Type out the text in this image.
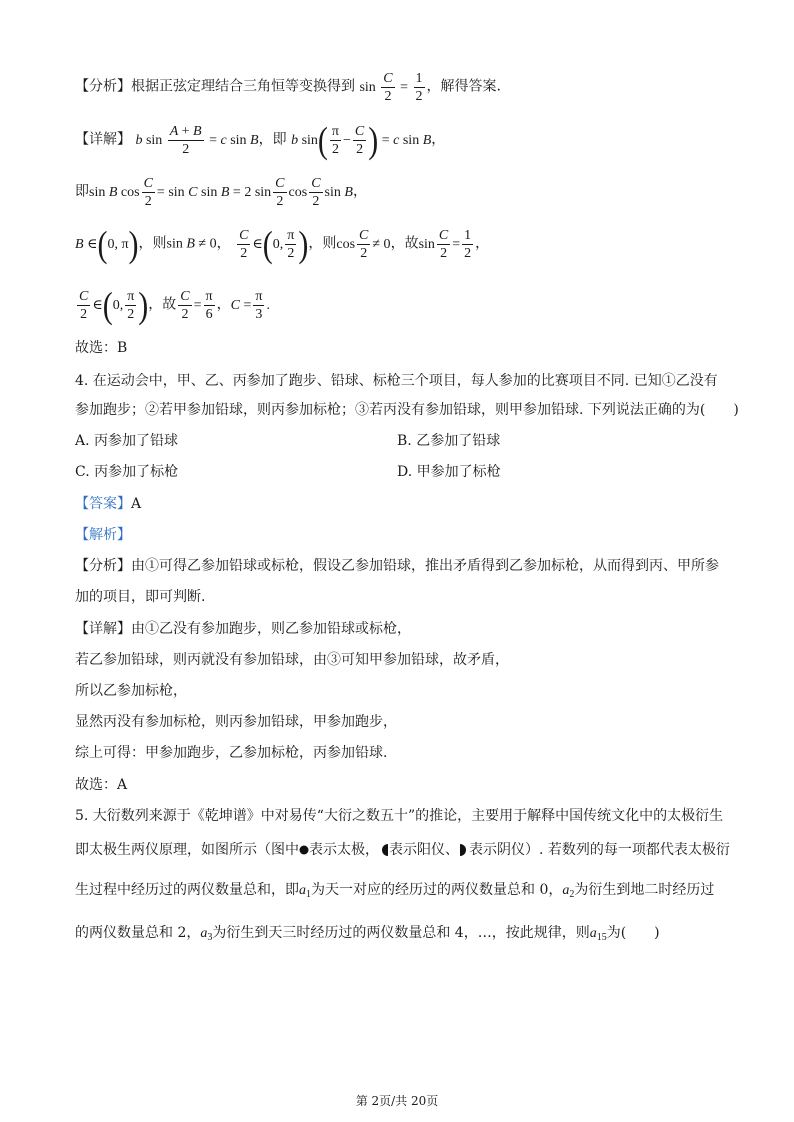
【分析】根据正弦定理结合三角恒等变换得到 $\sin \frac{C}{2} = \frac{1}{2}$ ，解得答案.
【详解】 b $\sin \frac{A + B}{2} = c$ sin B，即 b $\sin( \frac{\pi}{2} - \frac{C}{2}$ ) = c sin B，
即sin B $\cos \frac{C}{2} = \sin C$ sin B = 2 $\sin \frac{C}{2}$ $\cos \frac{C}{2}$ sin B，
B ∈(0, π)，则sin B ≠ 0， $\frac{C}{2}$ ∈(0, $\frac{\pi}{2}$ )，则$\cos \frac{C}{2} \ne 0$，故$\sin \frac{C}{2} = \frac{1}{2}$ ，
$\frac{C}{2}$ ∈(0, $\frac{\pi}{2}$ )，故 $\frac{C}{2} = \frac{\pi}{6}$ ，$C = \frac{\pi}{3}$ .
故选：B
4. 在运动会中，甲、乙、丙参加了跑步、铅球、标枪三个项目，每人参加的比赛项目不同. 已知①乙没有
参加跑步；②若甲参加铅球，则丙参加标枪；③若丙没有参加铅球，则甲参加铅球. 下列说法正确的为(　　)
A. 丙参加了铅球	B. 乙参加了铅球
C. 丙参加了标枪	D. 甲参加了标枪
【答案】A
【解析】
【分析】由①可得乙参加铅球或标枪，假设乙参加铅球，推出矛盾得到乙参加标枪，从而得到丙、甲所参
加的项目，即可判断.
【详解】由①乙没有参加跑步，则乙参加铅球或标枪，
若乙参加铅球，则丙就没有参加铅球，由③可知甲参加铅球，故矛盾，
所以乙参加标枪，
显然丙没有参加标枪，则丙参加铅球，甲参加跑步，
综上可得：甲参加跑步，乙参加标枪，丙参加铅球.
故选：A
5. 大衍数列来源于《乾坤谱》中对易传“大衍之数五十”的推论，主要用于解释中国传统文化中的太极衍生
即太极生两仪原理，如图所示（图中 表示太极， 表示阳仪、 表示阴仪）. 若数列的每一项都代表太极衍
生过程中经历过的两仪数量总和，即$a_1$为天一对应的经历过的两仪数量总和 0，$a_2$为衍生到地二时经历过
的两仪数量总和 2，$a_3$为衍生到天三时经历过的两仪数量总和 4，…，按此规律，则$a_{15}$为(　　)
第 2页/共 20页
